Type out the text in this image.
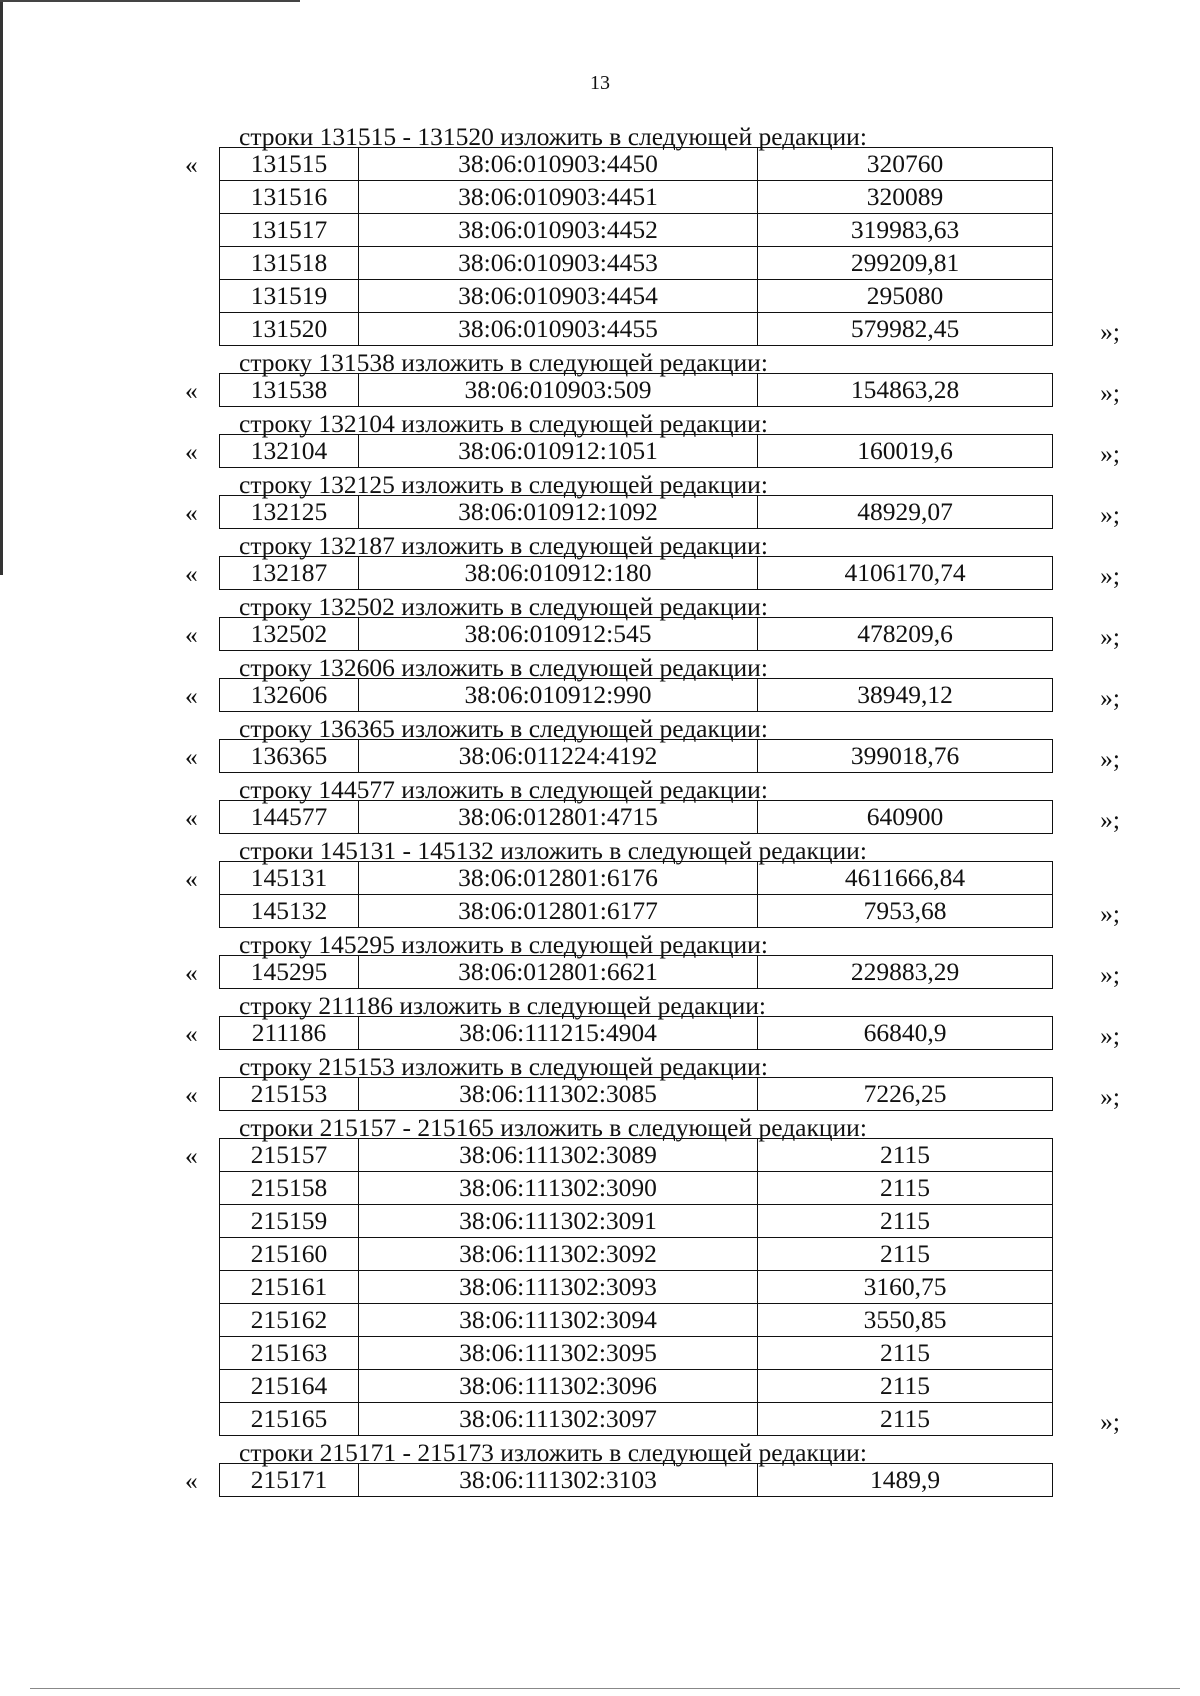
13
строки 131515 - 131520 изложить в следующей редакции:
« 131515	38:06:010903:4450	320760
131516	38:06:010903:4451	320089
131517	38:06:010903:4452	319983,63
131518	38:06:010903:4453	299209,81
131519	38:06:010903:4454	295080
131520	38:06:010903:4455	579982,45	»;
строку 131538 изложить в следующей редакции:
« 131538	38:06:010903:509	154863,28	»;
строку 132104 изложить в следующей редакции:
« 132104	38:06:010912:1051	160019,6	»;
строку 132125 изложить в следующей редакции:
« 132125	38:06:010912:1092	48929,07	»;
строку 132187 изложить в следующей редакции:
« 132187	38:06:010912:180	4106170,74	»;
строку 132502 изложить в следующей редакции:
« 132502	38:06:010912:545	478209,6	»;
строку 132606 изложить в следующей редакции:
« 132606	38:06:010912:990	38949,12	»;
строку 136365 изложить в следующей редакции:
« 136365	38:06:011224:4192	399018,76	»;
строку 144577 изложить в следующей редакции:
« 144577	38:06:012801:4715	640900	»;
строки 145131 - 145132 изложить в следующей редакции:
« 145131	38:06:012801:6176	4611666,84
145132	38:06:012801:6177	7953,68	»;
строку 145295 изложить в следующей редакции:
« 145295	38:06:012801:6621	229883,29	»;
строку 211186 изложить в следующей редакции:
« 211186	38:06:111215:4904	66840,9	»;
строку 215153 изложить в следующей редакции:
« 215153	38:06:111302:3085	7226,25	»;
строки 215157 - 215165 изложить в следующей редакции:
« 215157	38:06:111302:3089	2115
215158	38:06:111302:3090	2115
215159	38:06:111302:3091	2115
215160	38:06:111302:3092	2115
215161	38:06:111302:3093	3160,75
215162	38:06:111302:3094	3550,85
215163	38:06:111302:3095	2115
215164	38:06:111302:3096	2115
215165	38:06:111302:3097	2115	»;
строки 215171 - 215173 изложить в следующей редакции:
« 215171	38:06:111302:3103	1489,9
